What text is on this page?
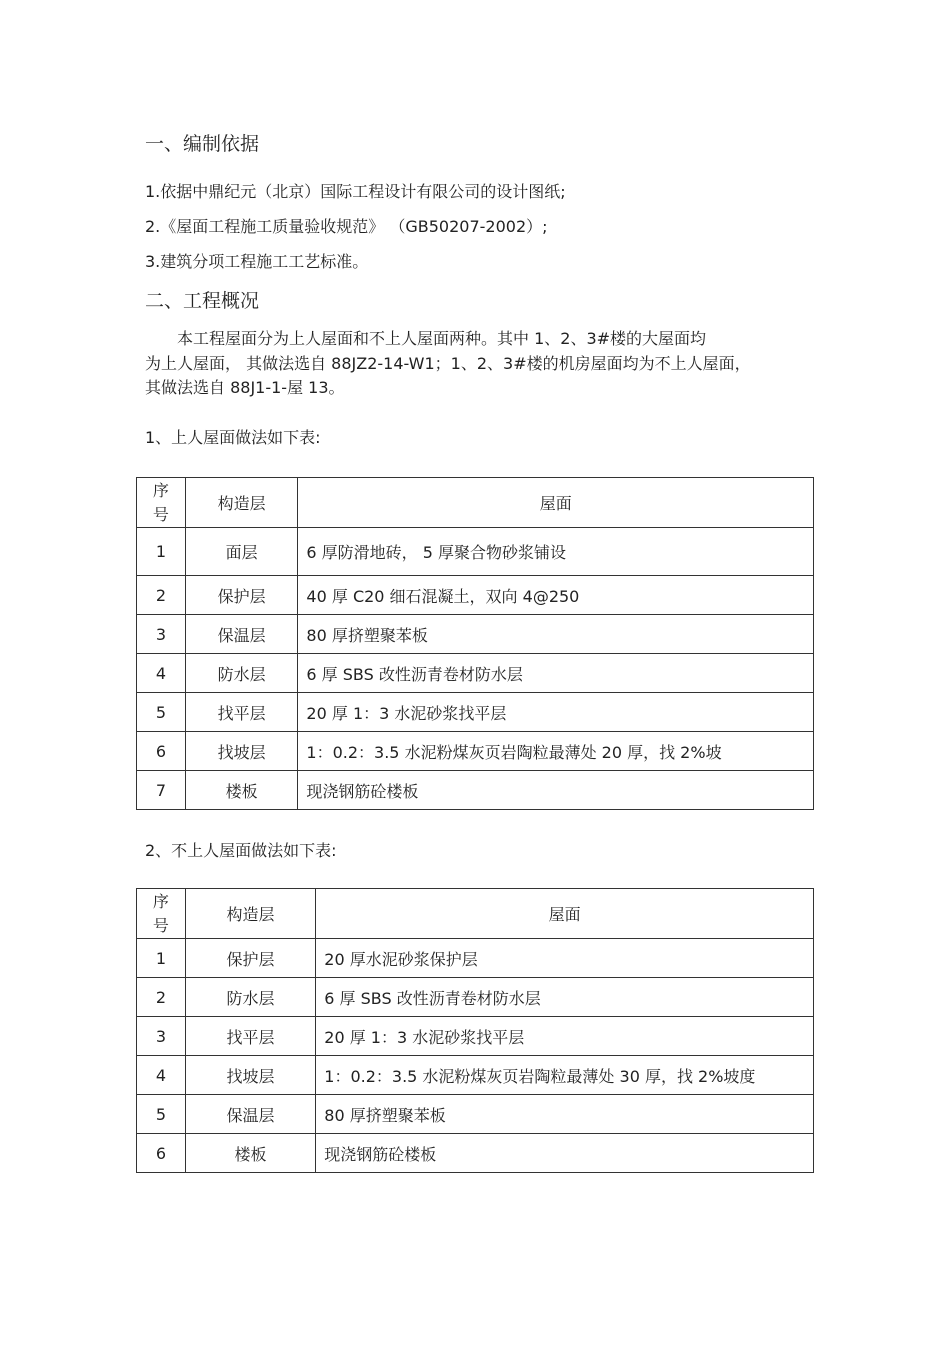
一、编制依据
1.依据中鼎纪元（北京）国际工程设计有限公司的设计图纸;
2.《屋面工程施工质量验收规范》 （GB50207-2002）;
3.建筑分项工程施工工艺标准。
二、工程概况
本工程屋面分为上人屋面和不上人屋面两种。其中 1、2、3#楼的大屋面均
为上人屋面， 其做法选自 88JZ2-14-W1；1、2、3#楼的机房屋面均为不上人屋面，
其做法选自 88J1-1-屋 13。
1、上人屋面做法如下表:
序
号	构造层	屋面
1	面层	6 厚防滑地砖， 5 厚聚合物砂浆铺设
2	保护层	40 厚 C20 细石混凝土，双向 4@250
3	保温层	80 厚挤塑聚苯板
4	防水层	6 厚 SBS 改性沥青卷材防水层
5	找平层	20 厚 1：3 水泥砂浆找平层
6	找坡层	1：0.2：3.5 水泥粉煤灰页岩陶粒最薄处 20 厚，找 2%坡
7	楼板	现浇钢筋砼楼板
2、不上人屋面做法如下表:
序
号	构造层	屋面
1	保护层	20 厚水泥砂浆保护层
2	防水层	6 厚 SBS 改性沥青卷材防水层
3	找平层	20 厚 1：3 水泥砂浆找平层
4	找坡层	1：0.2：3.5 水泥粉煤灰页岩陶粒最薄处 30 厚，找 2%坡度
5	保温层	80 厚挤塑聚苯板
6	楼板	现浇钢筋砼楼板
